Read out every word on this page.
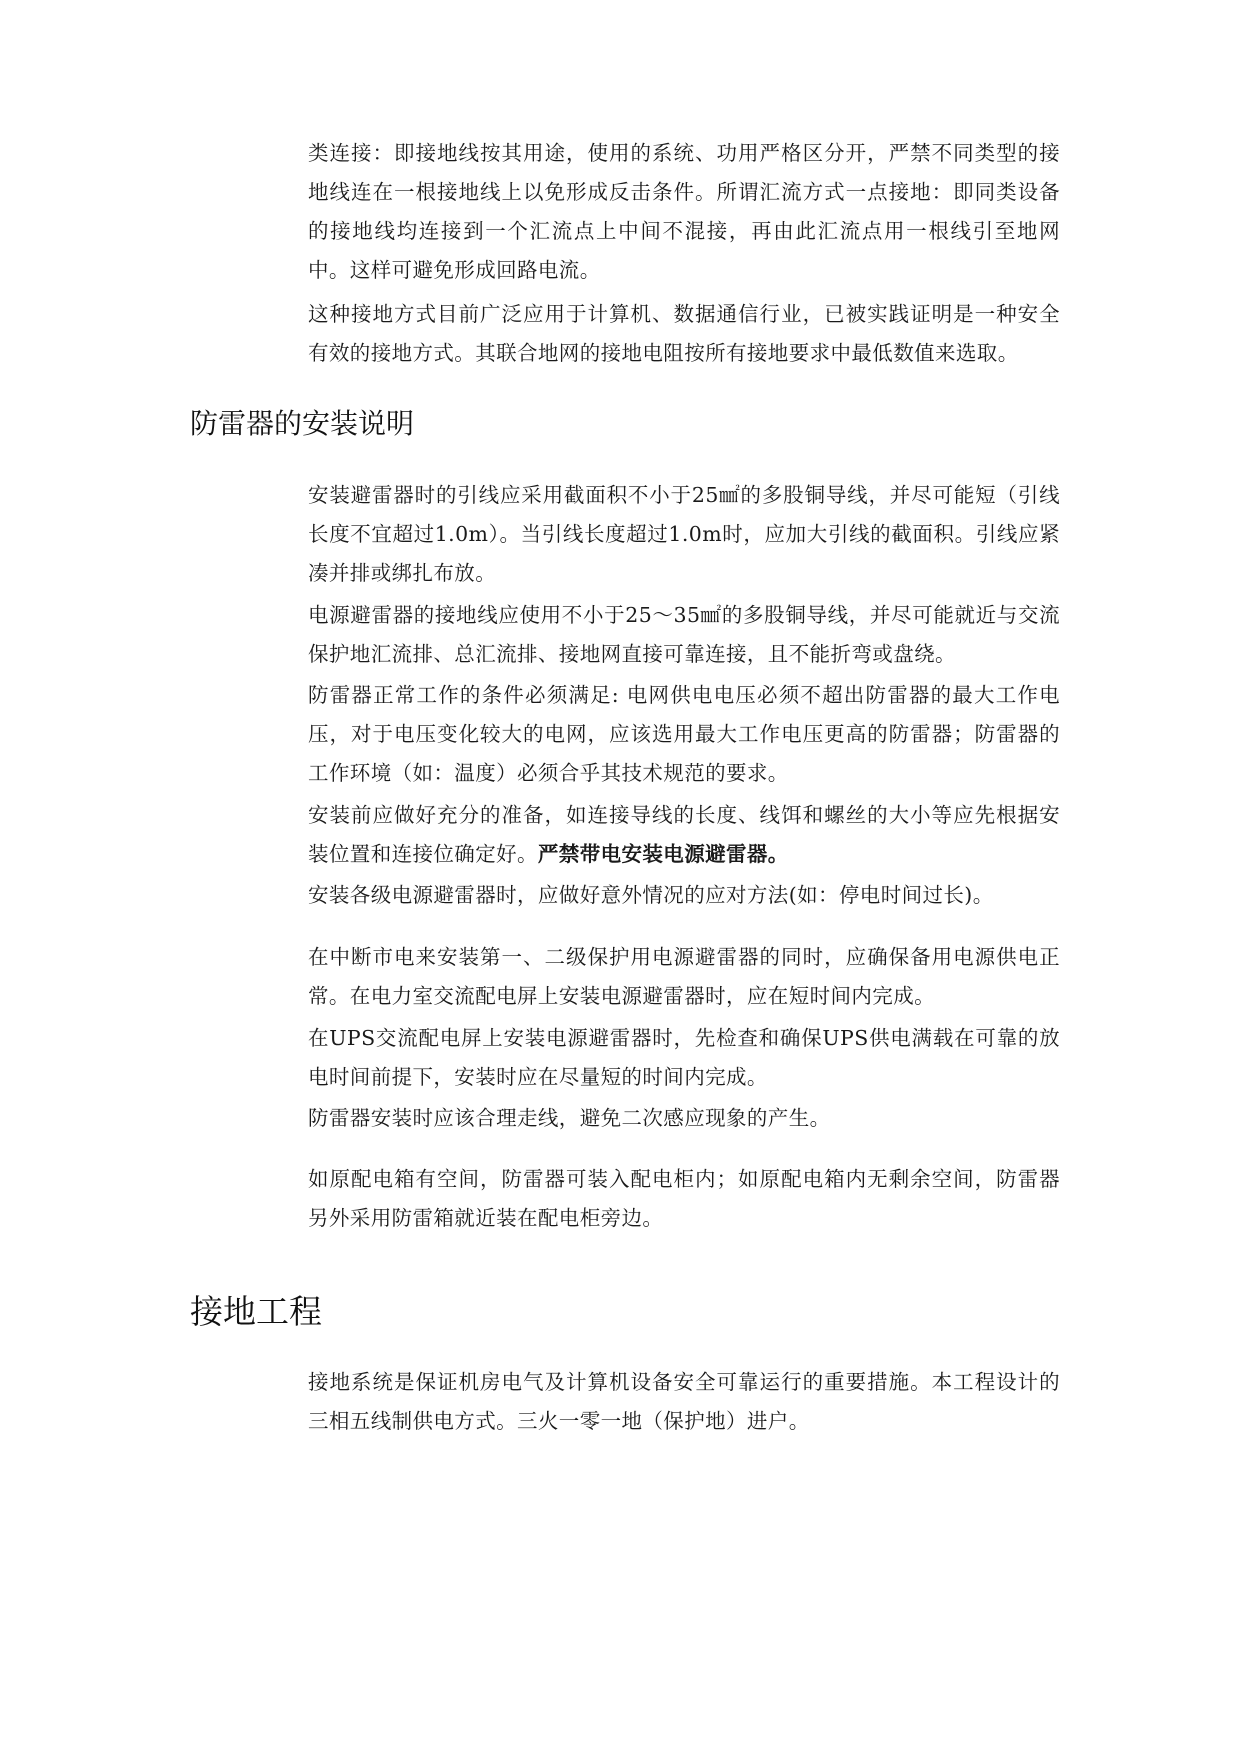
类连接：即接地线按其用途，使用的系统、功用严格区分开，严禁不同类型的接地线连在一根接地线上以免形成反击条件。所谓汇流方式一点接地：即同类设备的接地线均连接到一个汇流点上中间不混接，再由此汇流点用一根线引至地网中。这样可避免形成回路电流。

这种接地方式目前广泛应用于计算机、数据通信行业，已被实践证明是一种安全有效的接地方式。其联合地网的接地电阻按所有接地要求中最低数值来选取。

防雷器的安装说明

安装避雷器时的引线应采用截面积不小于25㎟的多股铜导线，并尽可能短（引线长度不宜超过1.0m）。当引线长度超过1.0m时，应加大引线的截面积。引线应紧凑并排或绑扎布放。

电源避雷器的接地线应使用不小于25～35㎟的多股铜导线，并尽可能就近与交流保护地汇流排、总汇流排、接地网直接可靠连接，且不能折弯或盘绕。

防雷器正常工作的条件必须满足: 电网供电电压必须不超出防雷器的最大工作电压，对于电压变化较大的电网，应该选用最大工作电压更高的防雷器；防雷器的工作环境（如：温度）必须合乎其技术规范的要求。

安装前应做好充分的准备，如连接导线的长度、线饵和螺丝的大小等应先根据安装位置和连接位确定好。严禁带电安装电源避雷器。

安装各级电源避雷器时，应做好意外情况的应对方法(如：停电时间过长)。

在中断市电来安装第一、二级保护用电源避雷器的同时，应确保备用电源供电正常。在电力室交流配电屏上安装电源避雷器时，应在短时间内完成。

在UPS交流配电屏上安装电源避雷器时，先检查和确保UPS供电满载在可靠的放电时间前提下，安装时应在尽量短的时间内完成。

防雷器安装时应该合理走线，避免二次感应现象的产生。

如原配电箱有空间，防雷器可装入配电柜内；如原配电箱内无剩余空间，防雷器另外采用防雷箱就近装在配电柜旁边。

接地工程

接地系统是保证机房电气及计算机设备安全可靠运行的重要措施。本工程设计的三相五线制供电方式。三火一零一地（保护地）进户。
